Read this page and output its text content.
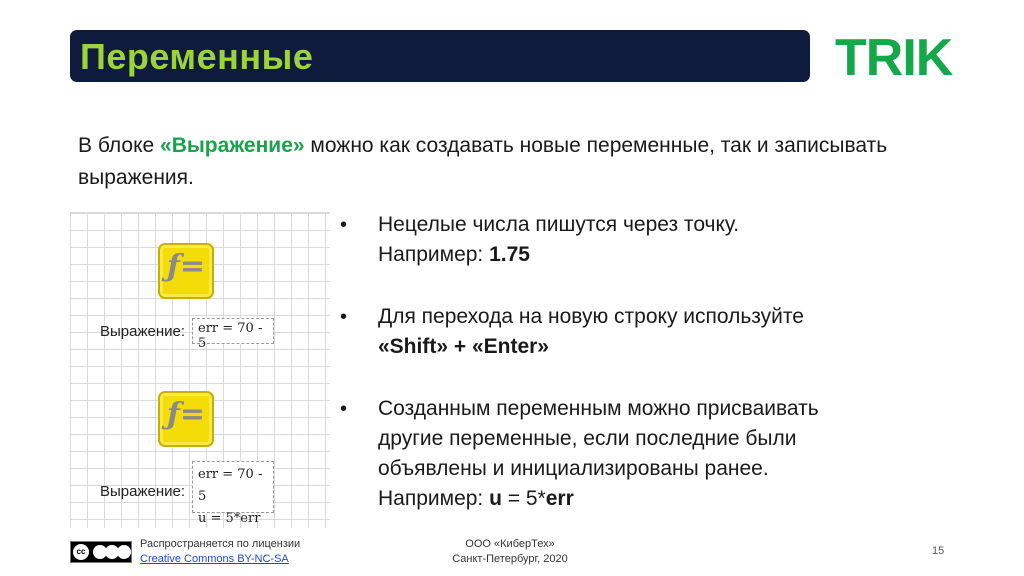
Переменные	TRIK
В блоке «Выражение» можно как создавать новые переменные, так и записывать выражения.
ƒ=
Выражение: err = 70 - 5
ƒ=
Выражение:
err = 70 - 5
u = 5*err
• Нецелые числа пишутся через точку.
Например: 1.75
• Для перехода на новую строку используйте
«Shift» + «Enter»
• Созданным переменным можно присваивать
другие переменные, если последние были
объявлены и инициализированы ранее.
Например: u = 5*err
cc
Распространяется по лицензии
Creative Commons BY-NC-SA
ООО «КиберТех»
Санкт-Петербург, 2020
15
